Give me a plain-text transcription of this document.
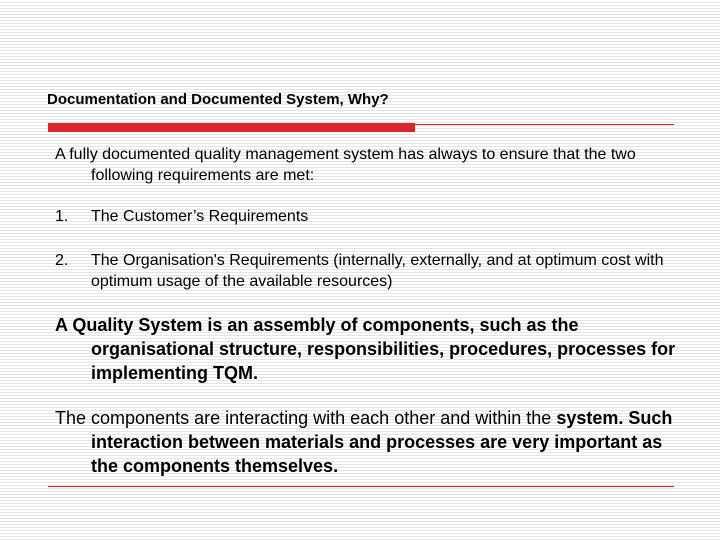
Documentation and Documented System, Why?

A fully documented quality management system has always to ensure that the two following requirements are met:

1. The Customer’s Requirements
2. The Organisation's Requirements (internally, externally, and at optimum cost with optimum usage of the available resources)

A Quality System is an assembly of components, such as the organisational structure, responsibilities, procedures, processes for implementing TQM.

The components are interacting with each other and within the system. Such interaction between materials and processes are very important as the components themselves.
